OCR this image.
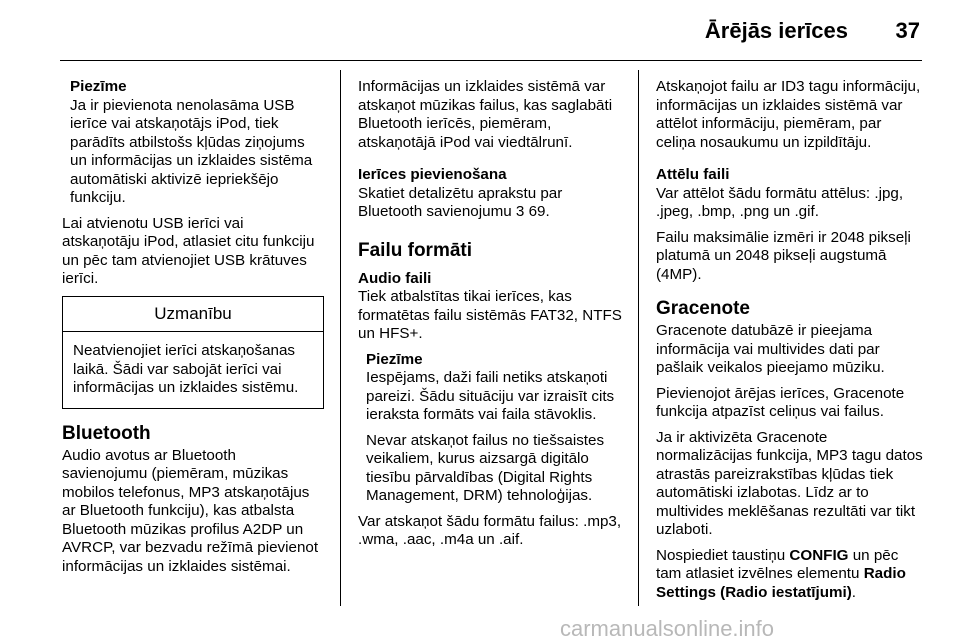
Ārējās ierīces 37
Piezīme

Ja ir pievienota nenolasāma USB ierīce vai atskaņotājs iPod, tiek parādīts atbilstošs kļūdas ziņojums un informācijas un izklaides sistēma automātiski aktivizē iepriekšējo funkciju.

Lai atvienotu USB ierīci vai atskaņotāju iPod, atlasiet citu funkciju un pēc tam atvienojiet USB krātuves ierīci.

Uzmanību
Neatvienojiet ierīci atskaņošanas laikā. Šādi var sabojāt ierīci vai informācijas un izklaides sistēmu.
Bluetooth

Audio avotus ar Bluetooth savienojumu (piemēram, mūzikas mobilos telefonus, MP3 atskaņotājus ar Bluetooth funkciju), kas atbalsta Bluetooth mūzikas profilus A2DP un AVRCP, var bezvadu režīmā pievienot informācijas un izklaides sistēmai.

Informācijas un izklaides sistēmā var atskaņot mūzikas failus, kas saglabāti Bluetooth ierīcēs, piemēram, atskaņotājā iPod vai viedtālrunī.

Ierīces pievienošana

Skatiet detalizētu aprakstu par Bluetooth savienojumu 3 69.

Failu formāti
Audio faili

Tiek atbalstītas tikai ierīces, kas formatētas failu sistēmās FAT32, NTFS un HFS+.

Piezīme

Iespējams, daži faili netiks atskaņoti pareizi. Šādu situāciju var izraisīt cits ieraksta formāts vai faila stāvoklis.

Nevar atskaņot failus no tiešsaistes veikaliem, kurus aizsargā digitālo tiesību pārvaldības (Digital Rights Management, DRM) tehnoloģijas.

Var atskaņot šādu formātu failus: .mp3, .wma, .aac, .m4a un .aif.

Atskaņojot failu ar ID3 tagu informāciju, informācijas un izklaides sistēmā var attēlot informāciju, piemēram, par celiņa nosaukumu un izpildītāju.

Attēlu faili

Var attēlot šādu formātu attēlus: .jpg, .jpeg, .bmp, .png un .gif.

Failu maksimālie izmēri ir 2048 pikseļi platumā un 2048 pikseļi augstumā (4MP).

Gracenote

Gracenote datubāzē ir pieejama informācija vai multivides dati par pašlaik veikalos pieejamo mūziku.

Pievienojot ārējas ierīces, Gracenote funkcija atpazīst celiņus vai failus.

Ja ir aktivizēta Gracenote normalizācijas funkcija, MP3 tagu datos atrastās pareizrakstības kļūdas tiek automātiski izlabotas. Līdz ar to multivides meklēšanas rezultāti var tikt uzlaboti.

Nospiediet taustiņu CONFIG un pēc tam atlasiet izvēlnes elementu Radio Settings (Radio iestatījumi).

carmanualsonline.info
